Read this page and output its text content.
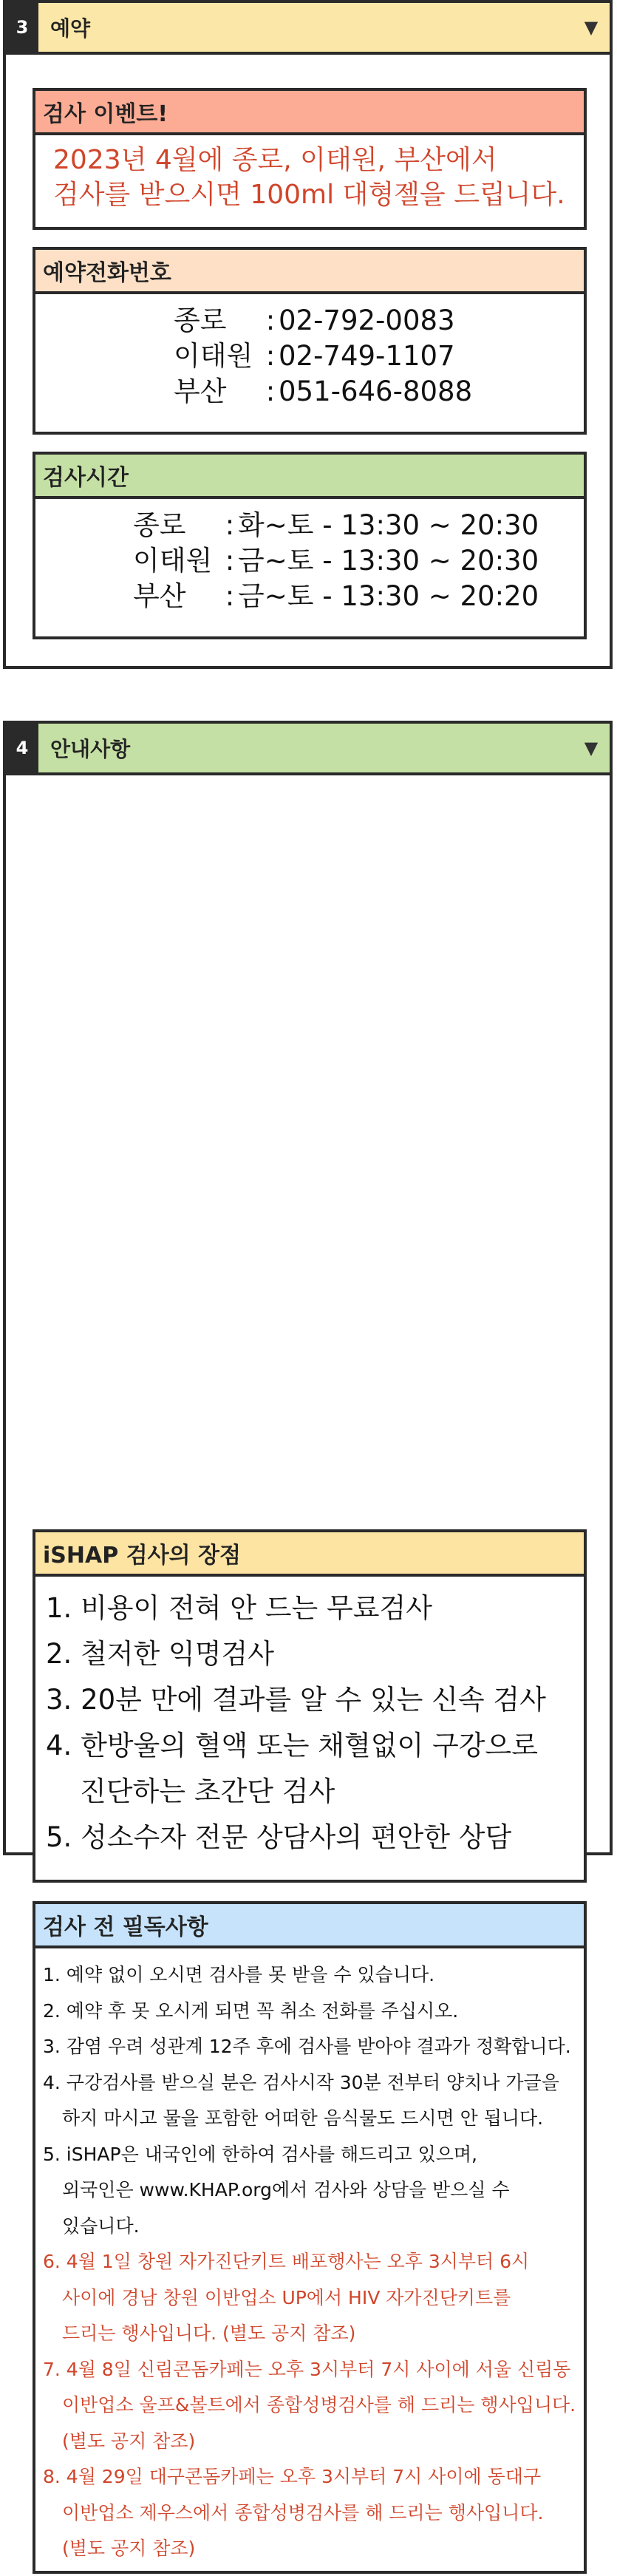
3	예약	▼
검사 이벤트!
2023년 4월에 종로, 이태원, 부산에서
검사를 받으시면 100ml 대형젤을 드립니다.
예약전화번호
종로	: 02-792-0083
이태원 : 02-749-1107
부산	: 051-646-8088
검사시간
종로	: 화~토 - 13:30 ~ 20:30
이태원 : 금~토 - 13:30 ~ 20:30
부산	: 금~토 - 13:30 ~ 20:20
4	안내사항	▼
iSHAP 검사의 장점
1. 비용이 전혀 안 드는 무료검사
2. 철저한 익명검사
3. 20분 만에 결과를 알 수 있는 신속 검사
4. 한방울의 혈액 또는 채혈없이 구강으로
진단하는 초간단 검사
5. 성소수자 전문 상담사의 편안한 상담
검사 전 필독사항
1. 예약 없이 오시면 검사를 못 받을 수 있습니다.
2. 예약 후 못 오시게 되면 꼭 취소 전화를 주십시오.
3. 감염 우려 성관계 12주 후에 검사를 받아야 결과가 정확합니다.
4. 구강검사를 받으실 분은 검사시작 30분 전부터 양치나 가글을
하지 마시고 물을 포함한 어떠한 음식물도 드시면 안 됩니다.
5. iSHAP은 내국인에 한하여 검사를 해드리고 있으며,
외국인은 www.KHAP.org에서 검사와 상담을 받으실 수
있습니다.
6. 4월 1일 창원 자가진단키트 배포행사는 오후 3시부터 6시
사이에 경남 창원 이반업소 UP에서 HIV 자가진단키트를
드리는 행사입니다. (별도 공지 참조)
7. 4월 8일 신림콘돔카페는 오후 3시부터 7시 사이에 서울 신림동
이반업소 울프&볼트에서 종합성병검사를 해 드리는 행사입니다.
(별도 공지 참조)
8. 4월 29일 대구콘돔카페는 오후 3시부터 7시 사이에 동대구
이반업소 제우스에서 종합성병검사를 해 드리는 행사입니다.
(별도 공지 참조)
